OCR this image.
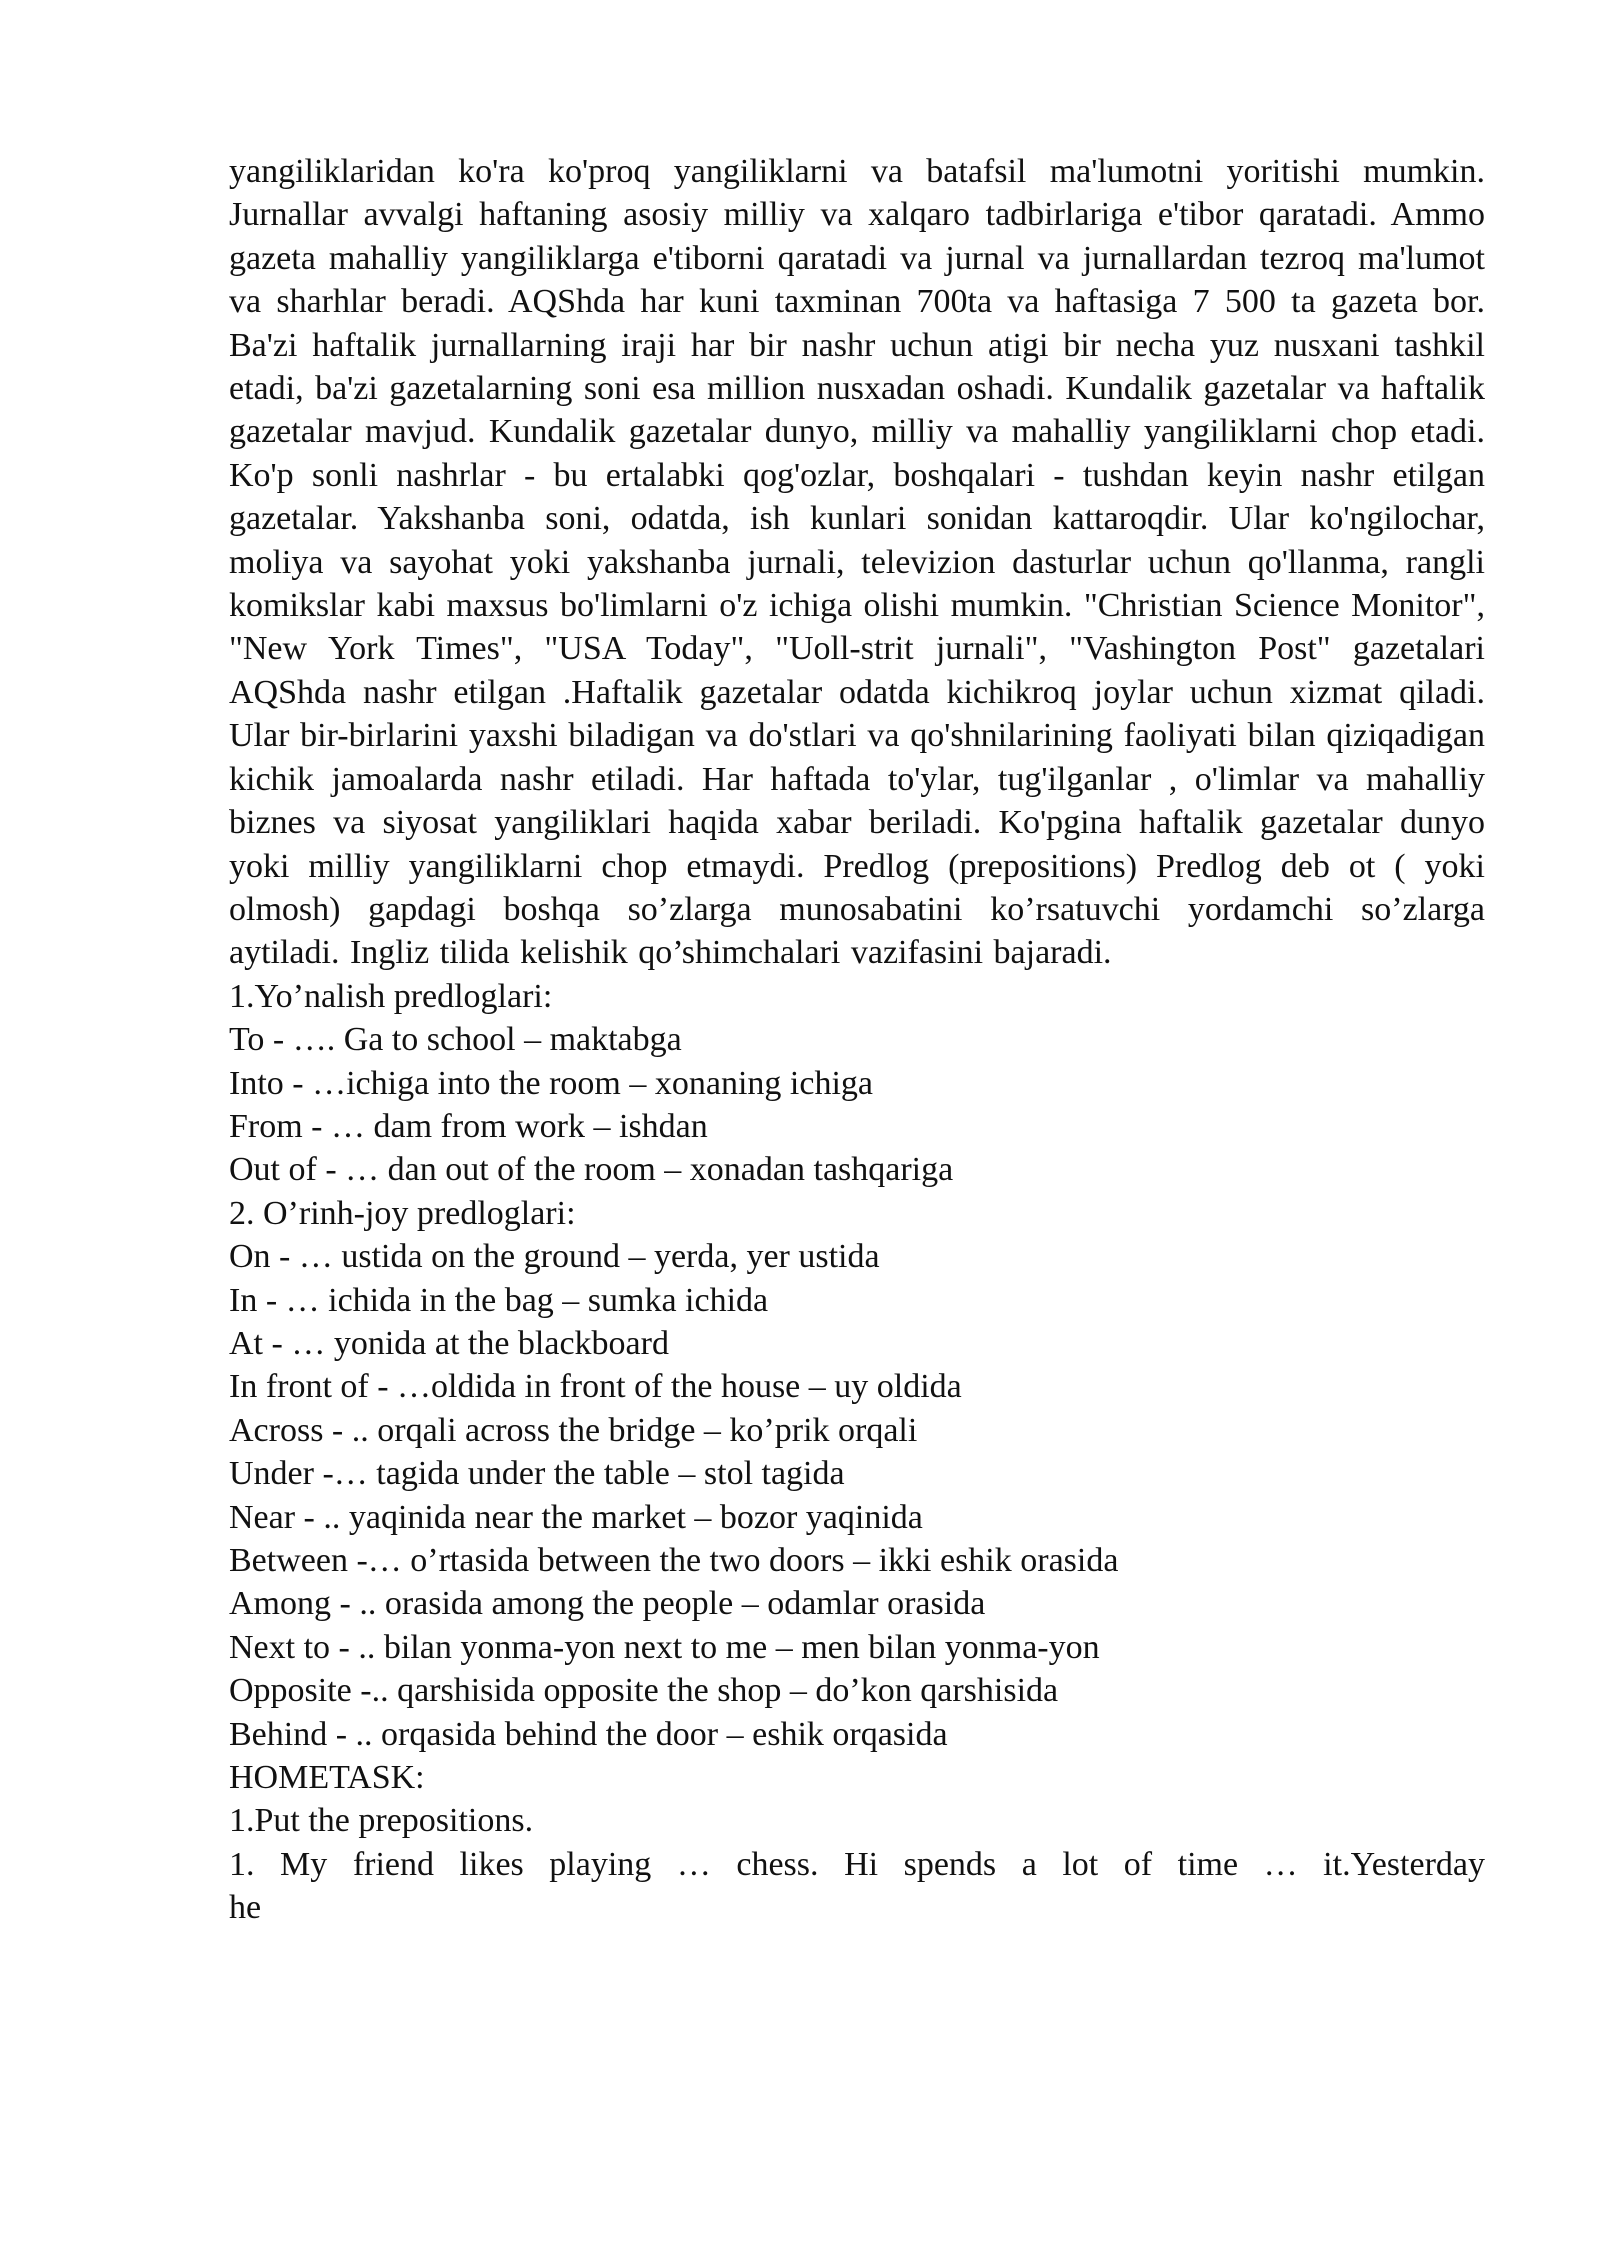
yangiliklaridan ko'ra ko'proq yangiliklarni va batafsil ma'lumotni yoritishi mumkin. Jurnallar avvalgi haftaning asosiy milliy va xalqaro tadbirlariga e'tibor qaratadi. Ammo gazeta mahalliy yangiliklarga e'tiborni qaratadi va jurnal va jurnallardan tezroq ma'lumot va sharhlar beradi. AQShda har kuni taxminan 700ta va haftasiga 7 500 ta gazeta bor. Ba'zi haftalik jurnallarning iraji har bir nashr uchun atigi bir necha yuz nusxani tashkil etadi, ba'zi gazetalarning soni esa million nusxadan oshadi. Kundalik gazetalar va haftalik gazetalar mavjud. Kundalik gazetalar dunyo, milliy va mahalliy yangiliklarni chop etadi. Ko'p sonli nashrlar - bu ertalabki qog'ozlar, boshqalari - tushdan keyin nashr etilgan gazetalar. Yakshanba soni, odatda, ish kunlari sonidan kattaroqdir. Ular ko'ngilochar, moliya va sayohat yoki yakshanba jurnali, televizion dasturlar uchun qo'llanma, rangli komikslar kabi maxsus bo'limlarni o'z ichiga olishi mumkin. "Christian Science Monitor", "New York Times", "USA Today", "Uoll-strit jurnali", "Vashington Post" gazetalari AQShda nashr etilgan .Haftalik gazetalar odatda kichikroq joylar uchun xizmat qiladi. Ular bir-birlarini yaxshi biladigan va do'stlari va qo'shnilarining faoliyati bilan qiziqadigan kichik jamoalarda nashr etiladi. Har haftada to'ylar, tug'ilganlar , o'limlar va mahalliy biznes va siyosat yangiliklari haqida xabar beriladi. Ko'pgina haftalik gazetalar dunyo yoki milliy yangiliklarni chop etmaydi. Predlog (prepositions) Predlog deb ot ( yoki olmosh) gapdagi boshqa so’zlarga munosabatini ko’rsatuvchi yordamchi so’zlarga aytiladi. Ingliz tilida kelishik qo’shimchalari vazifasini bajaradi.

1.Yo’nalish predloglari:

To - …. Ga to school – maktabga

Into - …ichiga into the room – xonaning ichiga

From - … dam from work – ishdan

Out of - … dan out of the room – xonadan tashqariga

2. O’rinh-joy predloglari:

On - … ustida on the ground – yerda, yer ustida

In - … ichida in the bag – sumka ichida

At - … yonida at the blackboard

In front of - …oldida in front of the house – uy oldida

Across - .. orqali across the bridge – ko’prik orqali

Under -… tagida under the table – stol tagida

Near - .. yaqinida near the market – bozor yaqinida

Between -… o’rtasida between the two doors – ikki eshik orasida

Among - .. orasida among the people – odamlar orasida

Next to - .. bilan yonma-yon next to me – men bilan yonma-yon

Opposite -.. qarshisida opposite the shop – do’kon qarshisida

Behind - .. orqasida behind the door – eshik orqasida

HOMETASK:

1.Put the prepositions.

1. My friend likes playing … chess. Hi spends a lot of time … it.Yesterday he
